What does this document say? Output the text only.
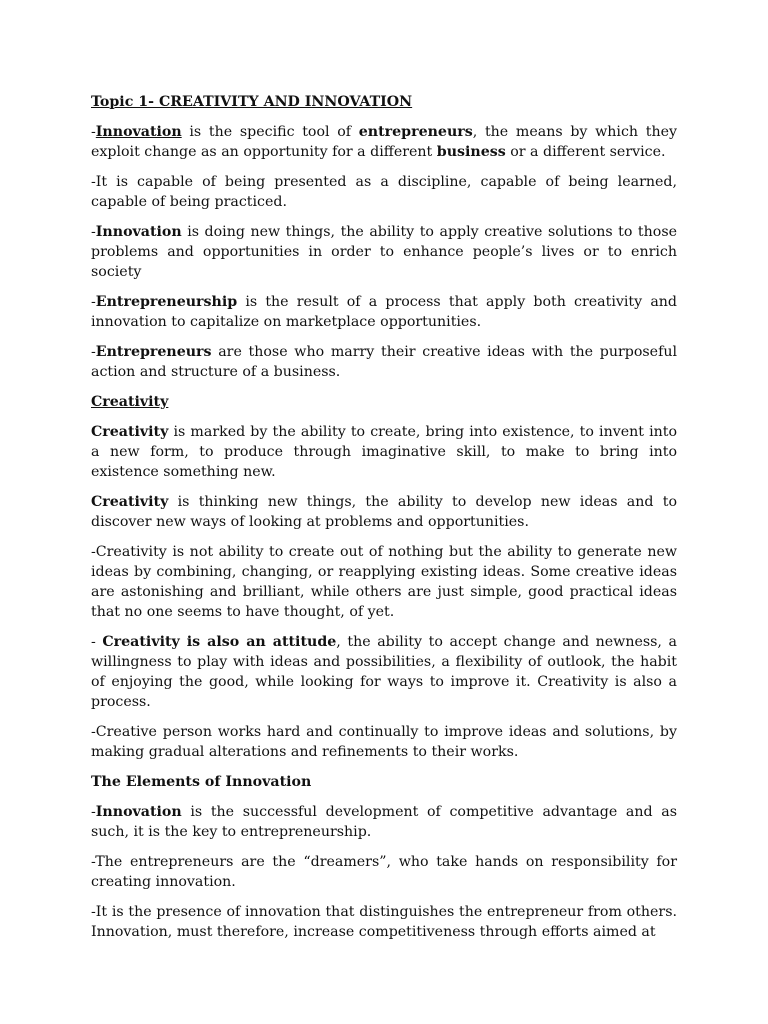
Topic 1- CREATIVITY AND INNOVATION

-Innovation is the specific tool of entrepreneurs, the means by which they exploit change as an opportunity for a different business or a different service.

-It is capable of being presented as a discipline, capable of being learned, capable of being practiced.

-Innovation is doing new things, the ability to apply creative solutions to those problems and opportunities in order to enhance people’s lives or to enrich society

-Entrepreneurship is the result of a process that apply both creativity and innovation to capitalize on marketplace opportunities.

-Entrepreneurs are those who marry their creative ideas with the purposeful action and structure of a business.

Creativity

Creativity is marked by the ability to create, bring into existence, to invent into a new form, to produce through imaginative skill, to make to bring into existence something new.

Creativity is thinking new things, the ability to develop new ideas and to discover new ways of looking at problems and opportunities.

-Creativity is not ability to create out of nothing but the ability to generate new ideas by combining, changing, or reapplying existing ideas. Some creative ideas are astonishing and brilliant, while others are just simple, good practical ideas that no one seems to have thought, of yet.

- Creativity is also an attitude, the ability to accept change and newness, a willingness to play with ideas and possibilities, a flexibility of outlook, the habit of enjoying the good, while looking for ways to improve it. Creativity is also a process.

-Creative person works hard and continually to improve ideas and solutions, by making gradual alterations and refinements to their works.

The Elements of Innovation

-Innovation is the successful development of competitive advantage and as such, it is the key to entrepreneurship.

-The entrepreneurs are the “dreamers”, who take hands on responsibility for creating innovation.

-It is the presence of innovation that distinguishes the entrepreneur from others. Innovation, must therefore, increase competitiveness through efforts aimed at
